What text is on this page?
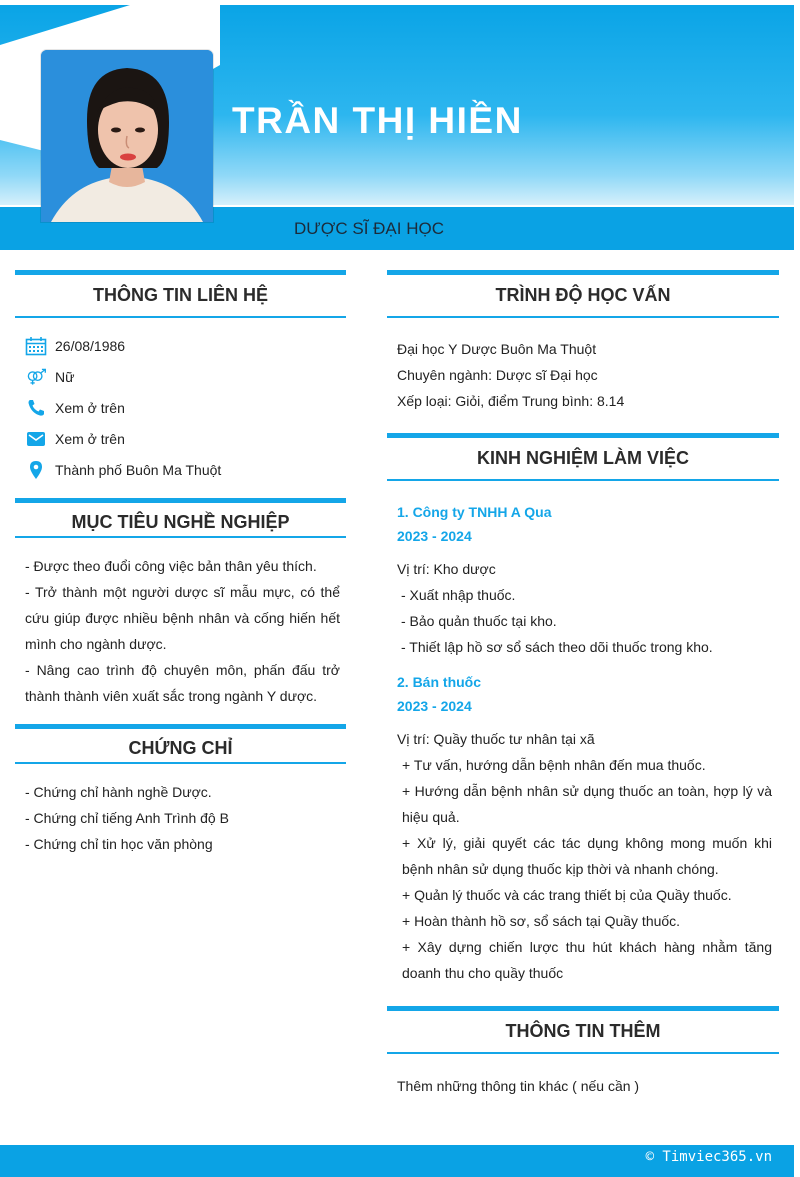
TRẦN THỊ HIỀN
DƯỢC SĨ ĐẠI HỌC
THÔNG TIN LIÊN HỆ
26/08/1986
Nữ
Xem ở trên
Xem ở trên
Thành phố Buôn Ma Thuột
MỤC TIÊU NGHỀ NGHIỆP
- Được theo đuổi công việc bản thân yêu thích.
- Trở thành một người dược sĩ mẫu mực, có thể cứu giúp được nhiều bệnh nhân và cống hiến hết mình cho ngành dược.
- Nâng cao trình độ chuyên môn, phấn đấu trở thành thành viên xuất sắc trong ngành Y dược.
CHỨNG CHỈ
- Chứng chỉ hành nghề Dược.
- Chứng chỉ tiếng Anh Trình độ B
- Chứng chỉ tin học văn phòng
TRÌNH ĐỘ HỌC VẤN
Đại học Y Dược Buôn Ma Thuột
Chuyên ngành: Dược sĩ Đại học
Xếp loại: Giỏi, điểm Trung bình: 8.14
KINH NGHIỆM LÀM VIỆC
1. Công ty TNHH A Qua
2023 - 2024
Vị trí: Kho dược
- Xuất nhập thuốc.
- Bảo quản thuốc tại kho.
- Thiết lập hồ sơ sổ sách theo dõi thuốc trong kho.
2. Bán thuốc
2023 - 2024
Vị trí: Quầy thuốc tư nhân tại xã
+ Tư vấn, hướng dẫn bệnh nhân đến mua thuốc.
+ Hướng dẫn bệnh nhân sử dụng thuốc an toàn, hợp lý và hiệu quả.
+ Xử lý, giải quyết các tác dụng không mong muốn khi bệnh nhân sử dụng thuốc kịp thời và nhanh chóng.
+ Quản lý thuốc và các trang thiết bị của Quầy thuốc.
+ Hoàn thành hồ sơ, sổ sách tại Quầy thuốc.
+ Xây dựng chiến lược thu hút khách hàng nhằm tăng doanh thu cho quầy thuốc
THÔNG TIN THÊM
Thêm những thông tin khác ( nếu cần )
© Timviec365.vn
